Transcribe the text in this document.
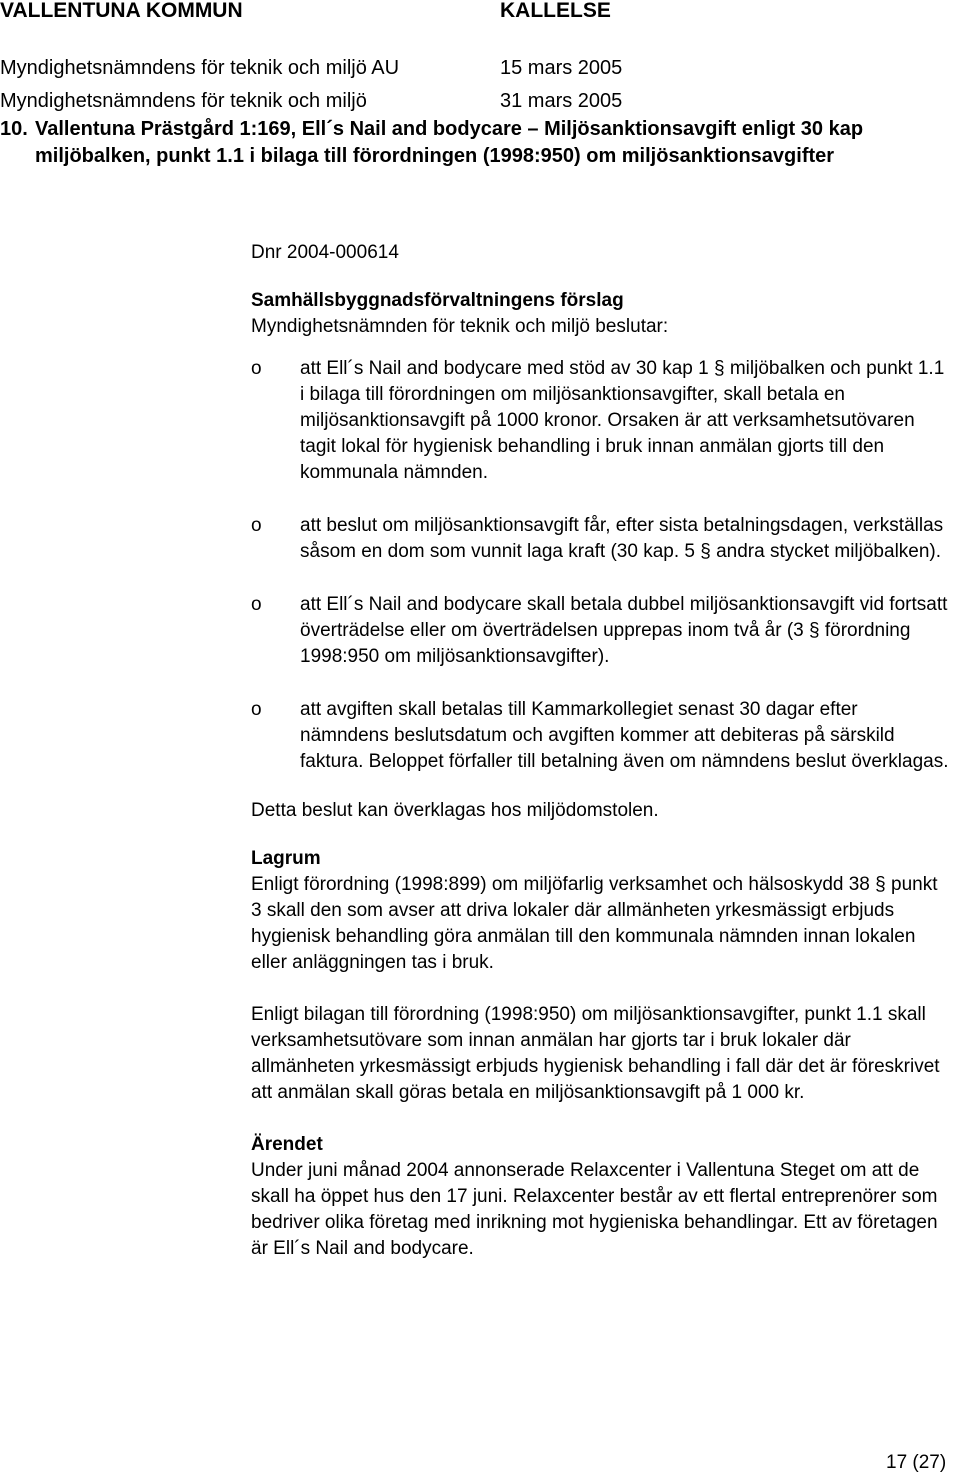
VALLENTUNA KOMMUN	KALLELSE
Myndighetsnämndens för teknik och miljö AU	15 mars 2005
Myndighetsnämndens för teknik och miljö	31 mars 2005
10. Vallentuna Prästgård 1:169, Ell´s Nail and bodycare – Miljösanktionsavgift enligt 30 kap miljöbalken, punkt 1.1 i bilaga till förordningen (1998:950) om miljösanktionsavgifter

Dnr 2004-000614

Samhällsbyggnadsförvaltningens förslag

Myndighetsnämnden för teknik och miljö beslutar:

o att Ell´s Nail and bodycare med stöd av 30 kap 1 § miljöbalken och punkt 1.1 i bilaga till förordningen om miljösanktionsavgifter, skall betala en miljösanktionsavgift på 1000 kronor. Orsaken är att verksamhetsutövaren tagit lokal för hygienisk behandling i bruk innan anmälan gjorts till den kommunala nämnden.
o att beslut om miljösanktionsavgift får, efter sista betalningsdagen, verkställas såsom en dom som vunnit laga kraft (30 kap. 5 § andra stycket miljöbalken).
o att Ell´s Nail and bodycare skall betala dubbel miljösanktionsavgift vid fortsatt överträdelse eller om överträdelsen upprepas inom två år (3 § förordning 1998:950 om miljösanktionsavgifter).
o att avgiften skall betalas till Kammarkollegiet senast 30 dagar efter nämndens beslutsdatum och avgiften kommer att debiteras på särskild faktura. Beloppet förfaller till betalning även om nämndens beslut överklagas.

Detta beslut kan överklagas hos miljödomstolen.

Lagrum

Enligt förordning (1998:899) om miljöfarlig verksamhet och hälsoskydd 38 § punkt 3 skall den som avser att driva lokaler där allmänheten yrkesmässigt erbjuds hygienisk behandling göra anmälan till den kommunala nämnden innan lokalen eller anläggningen tas i bruk.

Enligt bilagan till förordning (1998:950) om miljösanktionsavgifter, punkt 1.1 skall verksamhetsutövare som innan anmälan har gjorts tar i bruk lokaler där allmänheten yrkesmässigt erbjuds hygienisk behandling i fall där det är föreskrivet att anmälan skall göras betala en miljösanktionsavgift på 1 000 kr.

Ärendet

Under juni månad 2004 annonserade Relaxcenter i Vallentuna Steget om att de skall ha öppet hus den 17 juni. Relaxcenter består av ett flertal entreprenörer som bedriver olika företag med inrikning mot hygieniska behandlingar. Ett av företagen är Ell´s Nail and bodycare.

17 (27)
